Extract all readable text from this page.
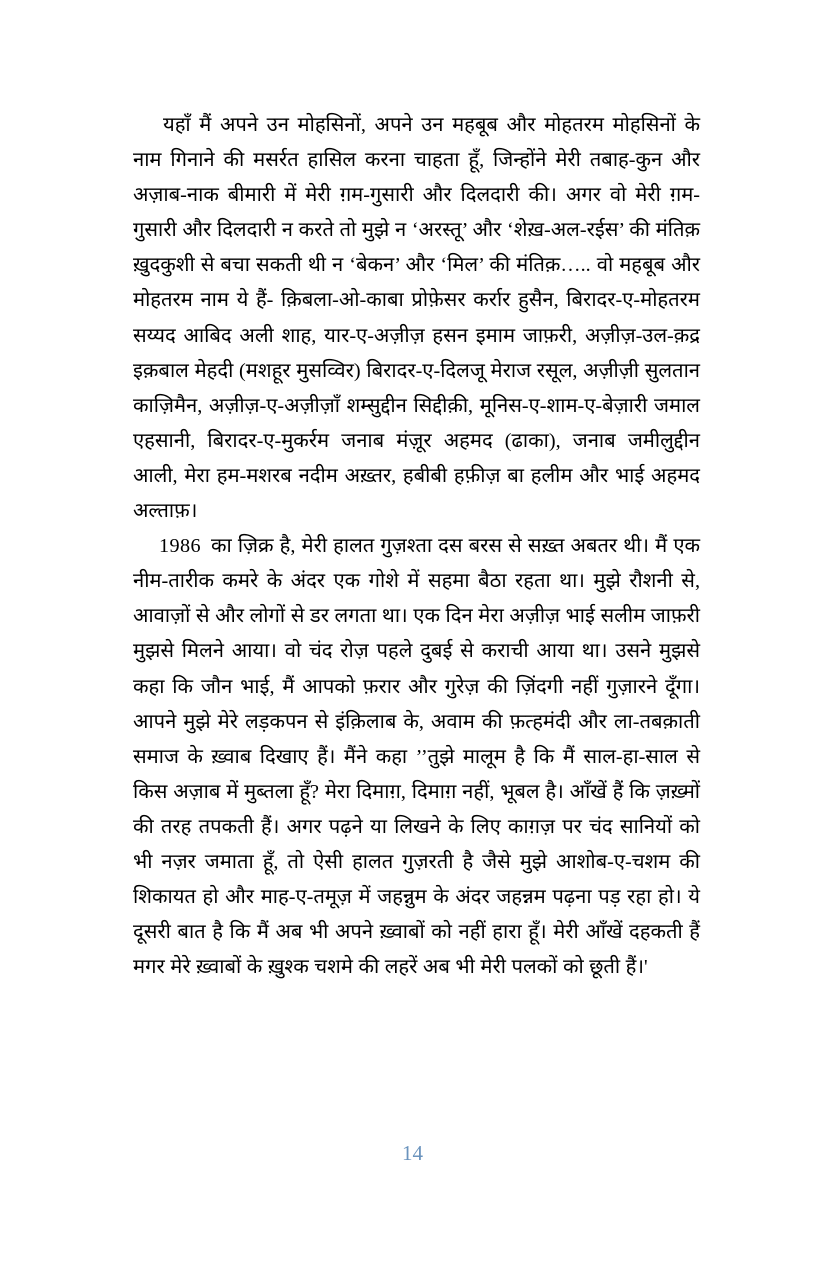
यहाँ मैं अपने उन मोहसिनों, अपने उन महबूब और मोहतरम मोहसिनों के नाम गिनाने की मसर्रत हासिल करना चाहता हूँ, जिन्होंने मेरी तबाह-कुन और अज़ाब-नाक बीमारी में मेरी ग़म-गुसारी और दिलदारी की। अगर वो मेरी ग़म-गुसारी और दिलदारी न करते तो मुझे न ‘अरस्तू’ और ‘शेख़-अल-रईस’ की मंतिक़ ख़ुदकुशी से बचा सकती थी न ‘बेकन’ और ‘मिल’ की मंतिक़….. वो महबूब और मोहतरम नाम ये हैं- क़िबला-ओ-काबा प्रोफ़ेसर कर्रार हुसैन, बिरादर-ए-मोहतरम सय्यद आबिद अली शाह, यार-ए-अज़ीज़ हसन इमाम जाफ़री, अज़ीज़-उल-क़द्र इक़बाल मेहदी (मशहूर मुसव्विर) बिरादर-ए-दिलजू मेराज रसूल, अज़ीज़ी सुलतान काज़िमैन, अज़ीज़-ए-अज़ीज़ाँ शम्सुद्दीन सिद्दीक़ी, मूनिस-ए-शाम-ए-बेज़ारी जमाल एहसानी, बिरादर-ए-मुकर्रम जनाब मंज़ूर अहमद (ढाका), जनाब जमीलुद्दीन आली, मेरा हम-मशरब नदीम अख़्तर, हबीबी हफ़ीज़ बा हलीम और भाई अहमद अल्ताफ़।

1986 का ज़िक्र है, मेरी हालत गुज़श्ता दस बरस से सख़्त अबतर थी। मैं एक नीम-तारीक कमरे के अंदर एक गोशे में सहमा बैठा रहता था। मुझे रौशनी से, आवाज़ों से और लोगों से डर लगता था। एक दिन मेरा अज़ीज़ भाई सलीम जाफ़री मुझसे मिलने आया। वो चंद रोज़ पहले दुबई से कराची आया था। उसने मुझसे कहा कि जौन भाई, मैं आपको फ़रार और गुरेज़ की ज़िंदगी नहीं गुज़ारने दूँगा। आपने मुझे मेरे लड़कपन से इंक़िलाब के, अवाम की फ़त्हमंदी और ला-तबक़ाती समाज के ख़्वाब दिखाए हैं। मैंने कहा ’’तुझे मालूम है कि मैं साल-हा-साल से किस अज़ाब में मुब्तला हूँ? मेरा दिमाग़, दिमाग़ नहीं, भूबल है। आँखें हैं कि ज़ख़्मों की तरह तपकती हैं। अगर पढ़ने या लिखने के लिए काग़ज़ पर चंद सानियों को भी नज़र जमाता हूँ, तो ऐसी हालत गुज़रती है जैसे मुझे आशोब-ए-चशम की शिकायत हो और माह-ए-तमूज़ में जहन्नुम के अंदर जहन्नम पढ़ना पड़ रहा हो। ये दूसरी बात है कि मैं अब भी अपने ख़्वाबों को नहीं हारा हूँ। मेरी आँखें दहकती हैं मगर मेरे ख़्वाबों के ख़ुश्क चशमे की लहरें अब भी मेरी पलकों को छूती हैं।'

14
